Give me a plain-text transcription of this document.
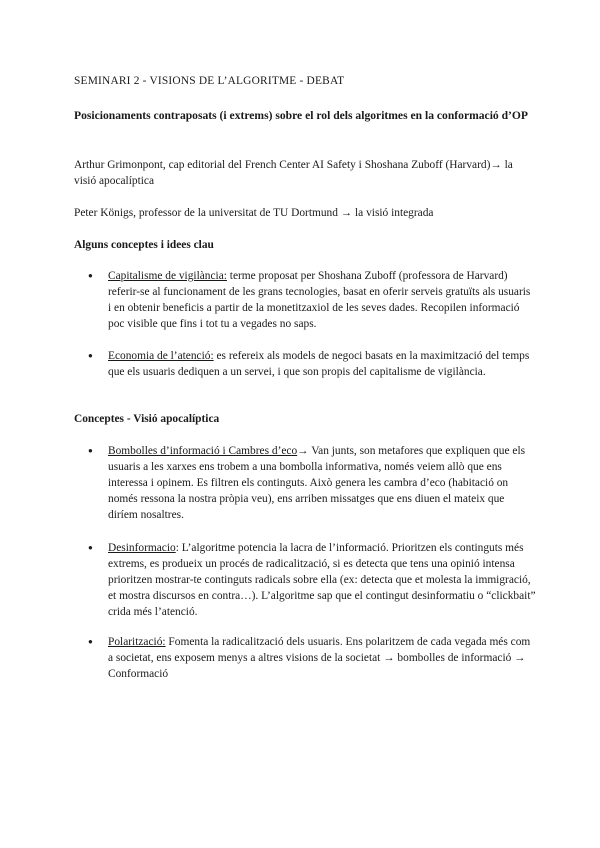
SEMINARI 2 - VISIONS DE L’ALGORITME - DEBAT

Posicionaments contraposats (i extrems) sobre el rol dels algoritmes en la conformació d’OP

Arthur Grimonpont, cap editorial del French Center AI Safety i Shoshana Zuboff (Harvard)→ la visió apocalíptica

Peter Königs, professor de la universitat de TU Dortmund → la visió integrada

Alguns conceptes i idees clau

● Capitalisme de vigilància: terme proposat per Shoshana Zuboff (professora de Harvard) referir-se al funcionament de les grans tecnologies, basat en oferir serveis gratuïts als usuaris i en obtenir beneficis a partir de la monetitzaxiol de les seves dades. Recopilen informació poc visible que fins i tot tu a vegades no saps.
● Economia de l’atenció: es refereix als models de negoci basats en la maximització del temps que els usuaris dediquen a un servei, i que son propis del capitalisme de vigilància.

Conceptes - Visió apocalíptica

● Bombolles d’informació i Cambres d’eco→ Van junts, son metafores que expliquen que els usuaris a les xarxes ens trobem a una bombolla informativa, només veiem allò que ens interessa i opinem. Es filtren els continguts. Això genera les cambra d’eco (habitació on només ressona la nostra pròpia veu), ens arriben missatges que ens diuen el mateix que diríem nosaltres.
● Desinformacio: L’algoritme potencia la lacra de l’informació. Prioritzen els continguts més extrems, es produeix un procés de radicalització, si es detecta que tens una opinió intensa prioritzen mostrar-te continguts radicals sobre ella (ex: detecta que et molesta la immigració, et mostra discursos en contra…). L’algoritme sap que el contingut desinformatiu o “clickbait” crida més l’atenció.
● Polarització: Fomenta la radicalització dels usuaris. Ens polaritzem de cada vegada més com a societat, ens exposem menys a altres visions de la societat → bombolles de informació → Conformació
